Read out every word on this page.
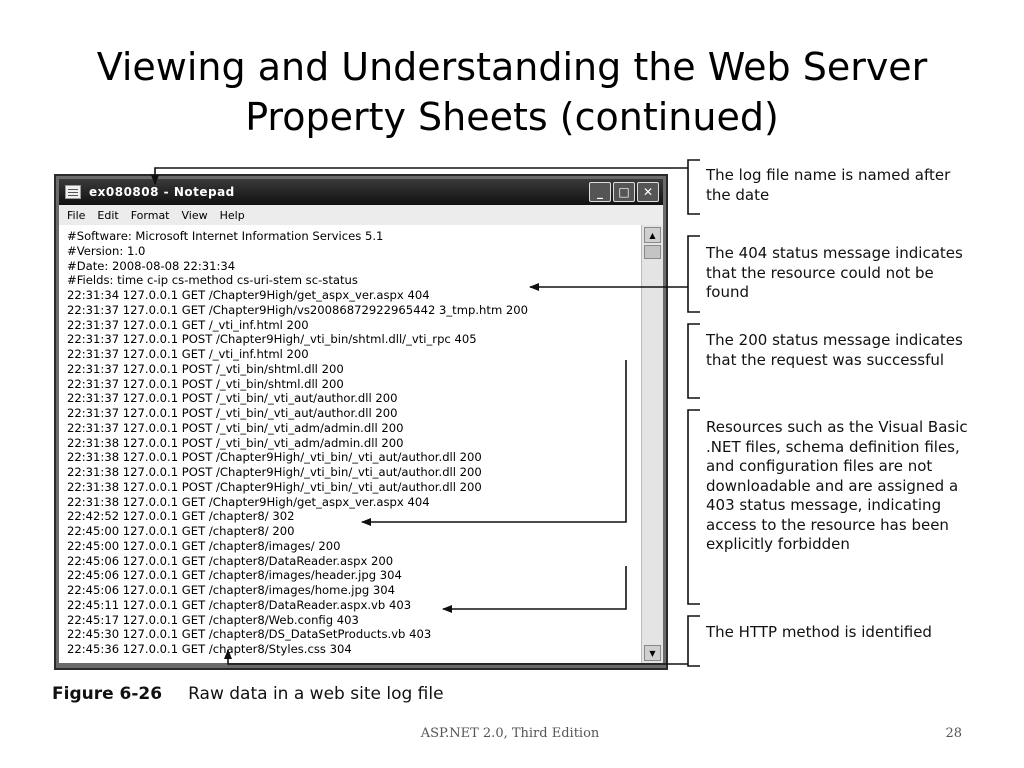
Viewing and Understanding the Web Server Property Sheets (continued)
ex080808 - Notepad	_	□	✕
File Edit Format View Help
#Software: Microsoft Internet Information Services 5.1
#Version: 1.0
#Date: 2008-08-08 22:31:34
#Fields: time c-ip cs-method cs-uri-stem sc-status
22:31:34 127.0.0.1 GET /Chapter9High/get_aspx_ver.aspx 404
22:31:37 127.0.0.1 GET /Chapter9High/vs20086872922965442 3_tmp.htm 200
22:31:37 127.0.0.1 GET /_vti_inf.html 200
22:31:37 127.0.0.1 POST /Chapter9High/_vti_bin/shtml.dll/_vti_rpc 405
22:31:37 127.0.0.1 GET /_vti_inf.html 200
22:31:37 127.0.0.1 POST /_vti_bin/shtml.dll 200
22:31:37 127.0.0.1 POST /_vti_bin/shtml.dll 200
22:31:37 127.0.0.1 POST /_vti_bin/_vti_aut/author.dll 200
22:31:37 127.0.0.1 POST /_vti_bin/_vti_aut/author.dll 200
22:31:37 127.0.0.1 POST /_vti_bin/_vti_adm/admin.dll 200
22:31:38 127.0.0.1 POST /_vti_bin/_vti_adm/admin.dll 200
22:31:38 127.0.0.1 POST /Chapter9High/_vti_bin/_vti_aut/author.dll 200
22:31:38 127.0.0.1 POST /Chapter9High/_vti_bin/_vti_aut/author.dll 200
22:31:38 127.0.0.1 POST /Chapter9High/_vti_bin/_vti_aut/author.dll 200
22:31:38 127.0.0.1 GET /Chapter9High/get_aspx_ver.aspx 404
22:42:52 127.0.0.1 GET /chapter8/ 302
22:45:00 127.0.0.1 GET /chapter8/ 200
22:45:00 127.0.0.1 GET /chapter8/images/ 200
22:45:06 127.0.0.1 GET /chapter8/DataReader.aspx 200
22:45:06 127.0.0.1 GET /chapter8/images/header.jpg 304
22:45:06 127.0.0.1 GET /chapter8/images/home.jpg 304
22:45:11 127.0.0.1 GET /chapter8/DataReader.aspx.vb 403
22:45:17 127.0.0.1 GET /chapter8/Web.config 403
22:45:30 127.0.0.1 GET /chapter8/DS_DataSetProducts.vb 403
22:45:36 127.0.0.1 GET /chapter8/Styles.css 304
▲
▼
The log file name is named after the date
The 404 status message indicates that the resource could not be found
The 200 status message indicates that the request was successful
Resources such as the Visual Basic .NET files, schema definition files, and configuration files are not downloadable and are assigned a 403 status message, indicating access to the resource has been explicitly forbidden
The HTTP method is identified
Figure 6-26 Raw data in a web site log file
ASP.NET 2.0, Third Edition	28
